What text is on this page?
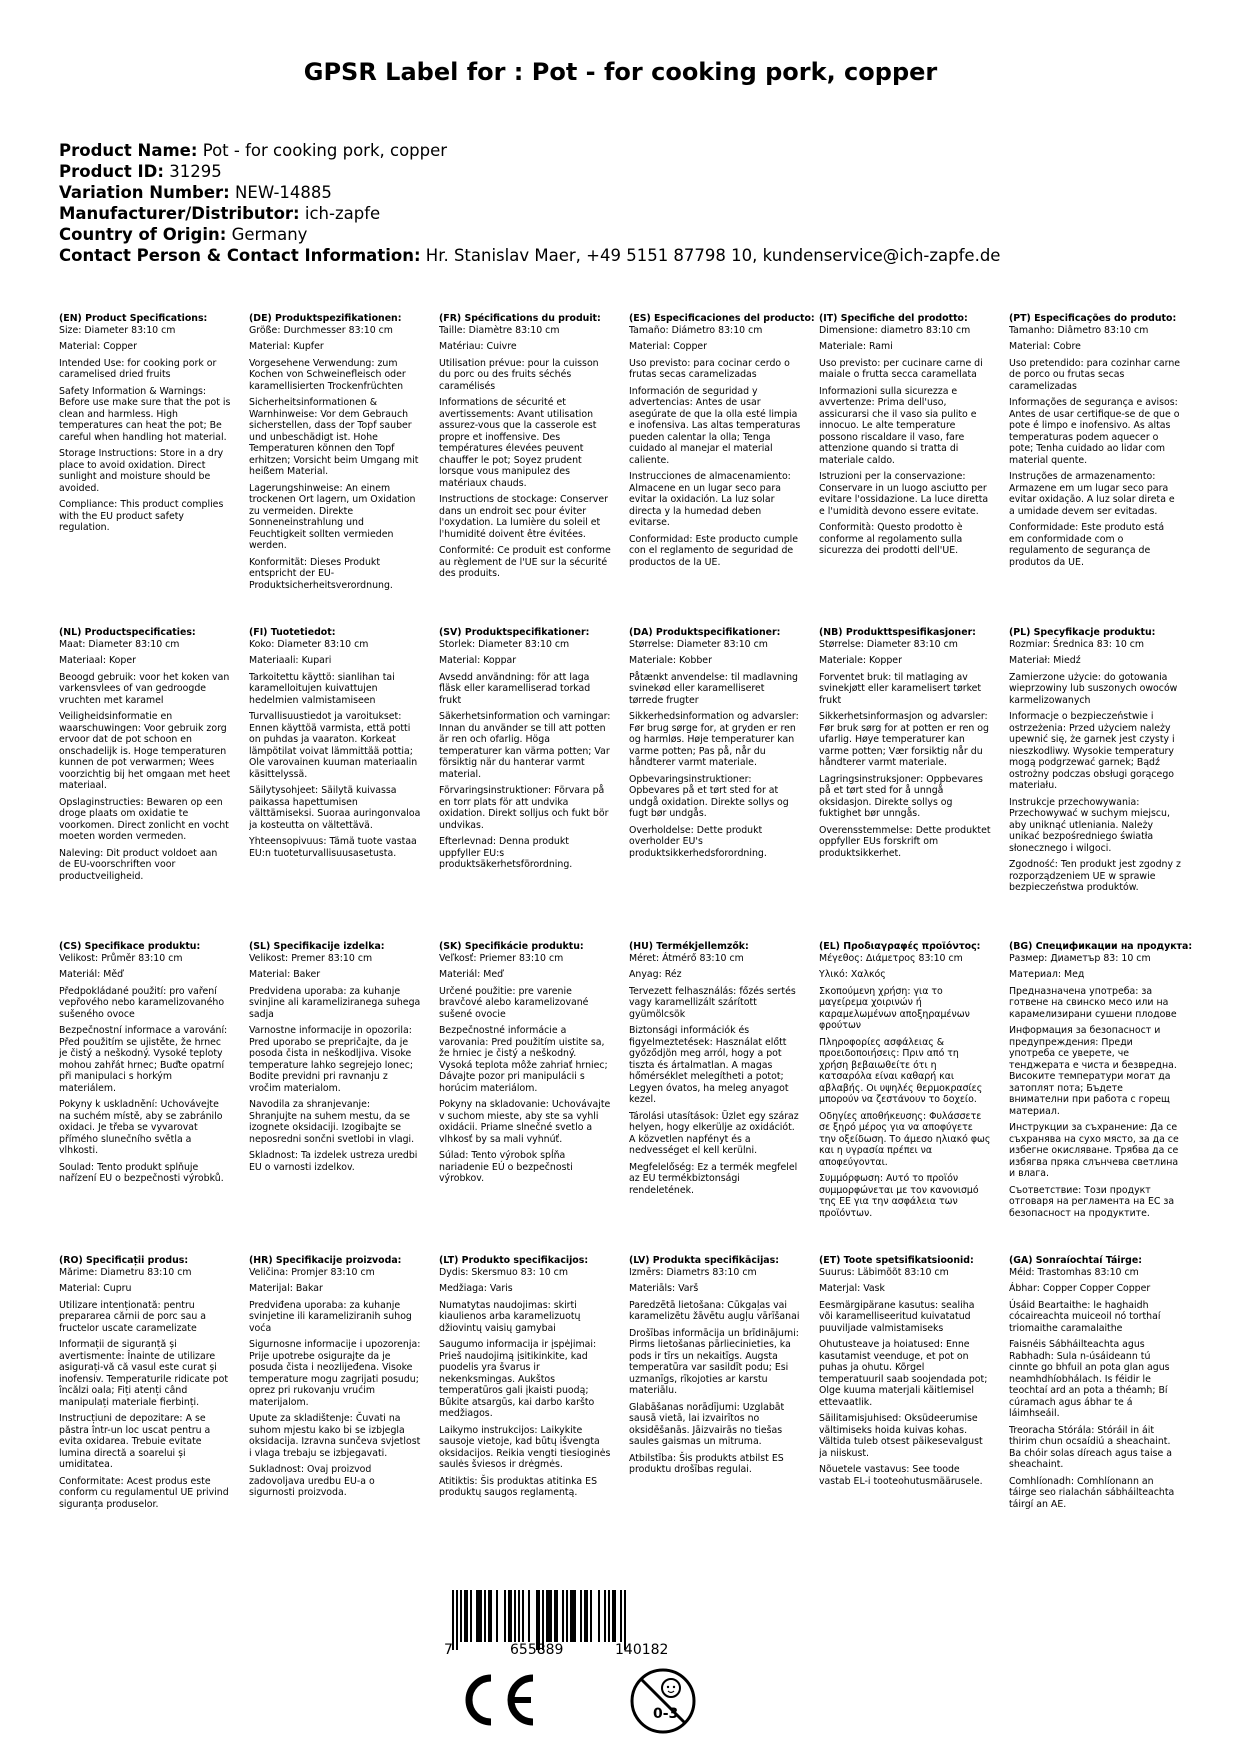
GPSR Label for : Pot - for cooking pork, copper
Product Name: Pot - for cooking pork, copper
Product ID: 31295
Variation Number: NEW-14885
Manufacturer/Distributor: ich-zapfe
Country of Origin: Germany
Contact Person & Contact Information: Hr. Stanislav Maer, +49 5151 87798 10, kundenservice@ich-zapfe.de
(EN) Product Specifications:

Size: Diameter 83:10 cm

Material: Copper

Intended Use: for cooking pork or caramelised dried fruits

Safety Information & Warnings: Before use make sure that the pot is clean and harmless. High temperatures can heat the pot; Be careful when handling hot material.

Storage Instructions: Store in a dry place to avoid oxidation. Direct sunlight and moisture should be avoided.

Compliance: This product complies with the EU product safety regulation.

(DE) Produktspezifikationen:

Größe: Durchmesser 83:10 cm

Material: Kupfer

Vorgesehene Verwendung: zum Kochen von Schweinefleisch oder karamellisierten Trockenfrüchten

Sicherheitsinformationen & Warnhinweise: Vor dem Gebrauch sicherstellen, dass der Topf sauber und unbeschädigt ist. Hohe Temperaturen können den Topf erhitzen; Vorsicht beim Umgang mit heißem Material.

Lagerungshinweise: An einem trockenen Ort lagern, um Oxidation zu vermeiden. Direkte Sonneneinstrahlung und Feuchtigkeit sollten vermieden werden.

Konformität: Dieses Produkt entspricht der EU-Produktsicherheitsverordnung.

(FR) Spécifications du produit:

Taille: Diamètre 83:10 cm

Matériau: Cuivre

Utilisation prévue: pour la cuisson du porc ou des fruits séchés caramélisés

Informations de sécurité et avertissements: Avant utilisation assurez-vous que la casserole est propre et inoffensive. Des températures élevées peuvent chauffer le pot; Soyez prudent lorsque vous manipulez des matériaux chauds.

Instructions de stockage: Conserver dans un endroit sec pour éviter l'oxydation. La lumière du soleil et l'humidité doivent être évitées.

Conformité: Ce produit est conforme au règlement de l'UE sur la sécurité des produits.

(ES) Especificaciones del producto:

Tamaño: Diámetro 83:10 cm

Material: Copper

Uso previsto: para cocinar cerdo o frutas secas caramelizadas

Información de seguridad y advertencias: Antes de usar asegúrate de que la olla esté limpia e inofensiva. Las altas temperaturas pueden calentar la olla; Tenga cuidado al manejar el material caliente.

Instrucciones de almacenamiento: Almacene en un lugar seco para evitar la oxidación. La luz solar directa y la humedad deben evitarse.

Conformidad: Este producto cumple con el reglamento de seguridad de productos de la UE.

(IT) Specifiche del prodotto:

Dimensione: diametro 83:10 cm

Materiale: Rami

Uso previsto: per cucinare carne di maiale o frutta secca caramellata

Informazioni sulla sicurezza e avvertenze: Prima dell'uso, assicurarsi che il vaso sia pulito e innocuo. Le alte temperature possono riscaldare il vaso, fare attenzione quando si tratta di materiale caldo.

Istruzioni per la conservazione: Conservare in un luogo asciutto per evitare l'ossidazione. La luce diretta e l'umidità devono essere evitate.

Conformità: Questo prodotto è conforme al regolamento sulla sicurezza dei prodotti dell'UE.

(PT) Especificações do produto:

Tamanho: Diâmetro 83:10 cm

Material: Cobre

Uso pretendido: para cozinhar carne de porco ou frutas secas caramelizadas

Informações de segurança e avisos: Antes de usar certifique-se de que o pote é limpo e inofensivo. As altas temperaturas podem aquecer o pote; Tenha cuidado ao lidar com material quente.

Instruções de armazenamento: Armazene em um lugar seco para evitar oxidação. A luz solar direta e a umidade devem ser evitadas.

Conformidade: Este produto está em conformidade com o regulamento de segurança de produtos da UE.

(NL) Productspecificaties:

Maat: Diameter 83:10 cm

Materiaal: Koper

Beoogd gebruik: voor het koken van varkensvlees of van gedroogde vruchten met karamel

Veiligheidsinformatie en waarschuwingen: Voor gebruik zorg ervoor dat de pot schoon en onschadelijk is. Hoge temperaturen kunnen de pot verwarmen; Wees voorzichtig bij het omgaan met heet materiaal.

Opslaginstructies: Bewaren op een droge plaats om oxidatie te voorkomen. Direct zonlicht en vocht moeten worden vermeden.

Naleving: Dit product voldoet aan de EU-voorschriften voor productveiligheid.

(FI) Tuotetiedot:

Koko: Diameter 83:10 cm

Materiaali: Kupari

Tarkoitettu käyttö: sianlihan tai karamelloitujen kuivattujen hedelmien valmistamiseen

Turvallisuustiedot ja varoitukset: Ennen käyttöä varmista, että potti on puhdas ja vaaraton. Korkeat lämpötilat voivat lämmittää pottia; Ole varovainen kuuman materiaalin käsittelyssä.

Säilytysohjeet: Säilytä kuivassa paikassa hapettumisen välttämiseksi. Suoraa auringonvaloa ja kosteutta on vältettävä.

Yhteensopivuus: Tämä tuote vastaa EU:n tuoteturvallisuusasetusta.

(SV) Produktspecifikationer:

Storlek: Diameter 83:10 cm

Material: Koppar

Avsedd användning: för att laga fläsk eller karamelliserad torkad frukt

Säkerhetsinformation och varningar: Innan du använder se till att potten är ren och ofarlig. Höga temperaturer kan värma potten; Var försiktig när du hanterar varmt material.

Förvaringsinstruktioner: Förvara på en torr plats för att undvika oxidation. Direkt solljus och fukt bör undvikas.

Efterlevnad: Denna produkt uppfyller EU:s produktsäkerhetsförordning.

(DA) Produktspecifikationer:

Størrelse: Diameter 83:10 cm

Materiale: Kobber

Påtænkt anvendelse: til madlavning svinekød eller karamelliseret tørrede frugter

Sikkerhedsinformation og advarsler: Før brug sørge for, at gryden er ren og harmløs. Høje temperaturer kan varme potten; Pas på, når du håndterer varmt materiale.

Opbevaringsinstruktioner: Opbevares på et tørt sted for at undgå oxidation. Direkte sollys og fugt bør undgås.

Overholdelse: Dette produkt overholder EU's produktsikkerhedsforordning.

(NB) Produkttspesifikasjoner:

Størrelse: Diameter 83:10 cm

Materiale: Kopper

Forventet bruk: til matlaging av svinekjøtt eller karamelisert tørket frukt

Sikkerhetsinformasjon og advarsler: Før bruk sørg for at potten er ren og ufarlig. Høye temperaturer kan varme potten; Vær forsiktig når du håndterer varmt materiale.

Lagringsinstruksjoner: Oppbevares på et tørt sted for å unngå oksidasjon. Direkte sollys og fuktighet bør unngås.

Overensstemmelse: Dette produktet oppfyller EUs forskrift om produktsikkerhet.

(PL) Specyfikacje produktu:

Rozmiar: Średnica 83: 10 cm

Materiał: Miedź

Zamierzone użycie: do gotowania wieprzowiny lub suszonych owoców karmelizowanych

Informacje o bezpieczeństwie i ostrzeżenia: Przed użyciem należy upewnić się, że garnek jest czysty i nieszkodliwy. Wysokie temperatury mogą podgrzewać garnek; Bądź ostrożny podczas obsługi gorącego materiału.

Instrukcje przechowywania: Przechowywać w suchym miejscu, aby uniknąć utleniania. Należy unikać bezpośredniego światła słonecznego i wilgoci.

Zgodność: Ten produkt jest zgodny z rozporządzeniem UE w sprawie bezpieczeństwa produktów.

(CS) Specifikace produktu:

Velikost: Průměr 83:10 cm

Materiál: Měď

Předpokládané použití: pro vaření vepřového nebo karamelizovaného sušeného ovoce

Bezpečnostní informace a varování: Před použitím se ujistěte, že hrnec je čistý a neškodný. Vysoké teploty mohou zahřát hrnec; Buďte opatrní při manipulaci s horkým materiálem.

Pokyny k uskladnění: Uchovávejte na suchém místě, aby se zabránilo oxidaci. Je třeba se vyvarovat přímého slunečního světla a vlhkosti.

Soulad: Tento produkt splňuje nařízení EU o bezpečnosti výrobků.

(SL) Specifikacije izdelka:

Velikost: Premer 83:10 cm

Material: Baker

Predvidena uporaba: za kuhanje svinjine ali karameliziranega suhega sadja

Varnostne informacije in opozorila: Pred uporabo se prepričajte, da je posoda čista in neškodljiva. Visoke temperature lahko segrejejo lonec; Bodite previdni pri ravnanju z vročim materialom.

Navodila za shranjevanje: Shranjujte na suhem mestu, da se izognete oksidaciji. Izogibajte se neposredni sončni svetlobi in vlagi.

Skladnost: Ta izdelek ustreza uredbi EU o varnosti izdelkov.

(SK) Špecifikácie produktu:

Veľkosť: Priemer 83:10 cm

Materiál: Meď

Určené použitie: pre varenie bravčové alebo karamelizované sušené ovocie

Bezpečnostné informácie a varovania: Pred použitím uistite sa, že hrniec je čistý a neškodný. Vysoká teplota môže zahriať hrniec; Dávajte pozor pri manipulácii s horúcim materiálom.

Pokyny na skladovanie: Uchovávajte v suchom mieste, aby ste sa vyhli oxidácii. Priame slnečné svetlo a vlhkosť by sa mali vyhnúť.

Súlad: Tento výrobok spĺňa nariadenie EÚ o bezpečnosti výrobkov.

(HU) Termékjellemzők:

Méret: Átmérő 83:10 cm

Anyag: Réz

Tervezett felhasználás: főzés sertés vagy karamellizált szárított gyümölcsök

Biztonsági információk és figyelmeztetések: Használat előtt győződjön meg arról, hogy a pot tiszta és ártalmatlan. A magas hőmérséklet melegítheti a potot; Legyen óvatos, ha meleg anyagot kezel.

Tárolási utasítások: Üzlet egy száraz helyen, hogy elkerülje az oxidációt. A közvetlen napfényt és a nedvességet el kell kerülni.

Megfelelőség: Ez a termék megfelel az EU termékbiztonsági rendeletének.

(EL) Προδιαγραφές προϊόντος:

Μέγεθος: Διάμετρος 83:10 cm

Υλικό: Χαλκός

Σκοπούμενη χρήση: για το μαγείρεμα χοιρινών ή καραμελωμένων αποξηραμένων φρούτων

Πληροφορίες ασφάλειας & προειδοποιήσεις: Πριν από τη χρήση βεβαιωθείτε ότι η κατσαρόλα είναι καθαρή και αβλαβής. Οι υψηλές θερμοκρασίες μπορούν να ζεστάνουν το δοχείο.

Οδηγίες αποθήκευσης: Φυλάσσετε σε ξηρό μέρος για να αποφύγετε την οξείδωση. Το άμεσο ηλιακό φως και η υγρασία πρέπει να αποφεύγονται.

Συμμόρφωση: Αυτό το προϊόν συμμορφώνεται με τον κανονισμό της ΕΕ για την ασφάλεια των προϊόντων.

(BG) Спецификации на продукта:

Размер: Диаметър 83: 10 cm

Материал: Мед

Предназначена употреба: за готвене на свинско месо или на карамелизирани сушени плодове

Информация за безопасност и предупреждения: Преди употреба се уверете, че тенджерата е чиста и безвредна. Високите температури могат да затоплят пота; Бъдете внимателни при работа с горещ материал.

Инструкции за съхранение: Да се съхранява на сухо място, за да се избегне окисляване. Трябва да се избягва пряка слънчева светлина и влага.

Съответствие: Този продукт отговаря на регламента на ЕС за безопасност на продуктите.

(RO) Specificații produs:

Mărime: Diametru 83:10 cm

Material: Cupru

Utilizare intenționată: pentru prepararea cărnii de porc sau a fructelor uscate caramelizate

Informații de siguranță și avertismente: Înainte de utilizare asigurați-vă că vasul este curat și inofensiv. Temperaturile ridicate pot încălzi oala; Fiți atenți când manipulați materiale fierbinți.

Instrucțiuni de depozitare: A se păstra într-un loc uscat pentru a evita oxidarea. Trebuie evitate lumina directă a soarelui și umiditatea.

Conformitate: Acest produs este conform cu regulamentul UE privind siguranța produselor.

(HR) Specifikacije proizvoda:

Veličina: Promjer 83:10 cm

Materijal: Bakar

Predviđena uporaba: za kuhanje svinjetine ili karameliziranih suhog voća

Sigurnosne informacije i upozorenja: Prije upotrebe osigurajte da je posuda čista i neozlijeđena. Visoke temperature mogu zagrijati posudu; oprez pri rukovanju vrućim materijalom.

Upute za skladištenje: Čuvati na suhom mjestu kako bi se izbjegla oksidacija. Izravna sunčeva svjetlost i vlaga trebaju se izbjegavati.

Sukladnost: Ovaj proizvod zadovoljava uredbu EU-a o sigurnosti proizvoda.

(LT) Produkto specifikacijos:

Dydis: Skersmuo 83: 10 cm

Medžiaga: Varis

Numatytas naudojimas: skirti kiaulienos arba karamelizuotų džiovintų vaisių gamybai

Saugumo informacija ir įspėjimai: Prieš naudojimą įsitikinkite, kad puodelis yra švarus ir nekenksmingas. Aukštos temperatūros gali įkaisti puodą; Būkite atsargūs, kai darbo karšto medžiagos.

Laikymo instrukcijos: Laikykite sausoje vietoje, kad būtų išvengta oksidacijos. Reikia vengti tiesioginės saulės šviesos ir drėgmės.

Atitiktis: Šis produktas atitinka ES produktų saugos reglamentą.

(LV) Produkta specifikācijas:

Izmērs: Diametrs 83:10 cm

Materiāls: Varš

Paredzētā lietošana: Cūkgaļas vai karamelizētu žāvētu augļu vārīšanai

Drošības informācija un brīdinājumi: Pirms lietošanas pārliecinieties, ka pods ir tīrs un nekaitīgs. Augsta temperatūra var sasildīt podu; Esi uzmanīgs, rīkojoties ar karstu materiālu.

Glabāšanas norādījumi: Uzglabāt sausā vietā, lai izvairītos no oksidēšanās. Jāizvairās no tiešas saules gaismas un mitruma.

Atbilstība: Šis produkts atbilst ES produktu drošības regulai.

(ET) Toote spetsifikatsioonid:

Suurus: Läbimõõt 83:10 cm

Materjal: Vask

Eesmärgipärane kasutus: sealiha või karamelliseeritud kuivatatud puuviljade valmistamiseks

Ohutusteave ja hoiatused: Enne kasutamist veenduge, et pot on puhas ja ohutu. Kõrgel temperatuuril saab soojendada pot; Olge kuuma materjali käitlemisel ettevaatlik.

Säilitamisjuhised: Oksüdeerumise vältimiseks hoida kuivas kohas. Vältida tuleb otsest päikesevalgust ja niiskust.

Nõuetele vastavus: See toode vastab EL-i tooteohutusmäärusele.

(GA) Sonraíochtaí Táirge:

Méid: Trastomhas 83:10 cm

Ábhar: Copper Copper Copper

Úsáid Beartaithe: le haghaidh cócaireachta muiceoil nó torthaí triomaithe caramalaithe

Faisnéis Sábháilteachta agus Rabhadh: Sula n-úsáideann tú cinnte go bhfuil an pota glan agus neamhdhíobhálach. Is féidir le teochtaí ard an pota a théamh; Bí cúramach agus ábhar te á láimhseáil.

Treoracha Stórála: Stóráil in áit thirim chun ocsaídiú a sheachaint. Ba chóir solas díreach agus taise a sheachaint.

Comhlíonadh: Comhlíonann an táirge seo rialachán sábháilteachta táirgí an AE.

7	655889	140182
0-3
